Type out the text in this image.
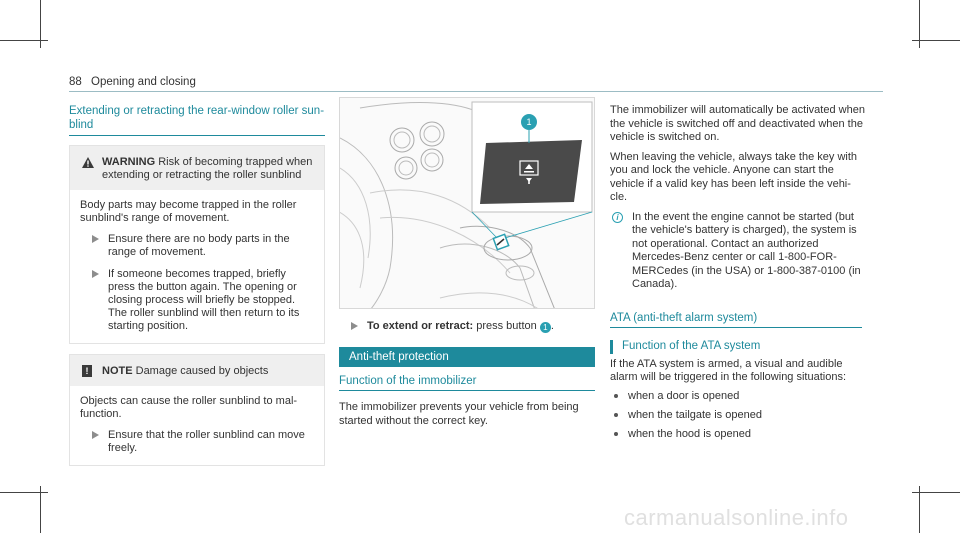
88 Opening and closing
Extending or retracting the rear-window roller sun-blind
WARNING Risk of becoming trapped when extending or retracting the roller sunblind

Body parts may become trapped in the roller sunblind's range of movement.

Ensure there are no body parts in the range of movement.
If someone becomes trapped, briefly press the button again. The opening or closing process will briefly be stopped. The roller sunblind will then return to its starting position.
!	NOTE Damage caused by objects

Objects can cause the roller sunblind to mal-function.

Ensure that the roller sunblind can move freely.
1
To extend or retract: press button 1 .
Anti-theft protection
Function of the immobilizer
The immobilizer prevents your vehicle from being started without the correct key.
The immobilizer will automatically be activated when the vehicle is switched off and deactivated when the vehicle is switched on.
When leaving the vehicle, always take the key with you and lock the vehicle. Anyone can start the vehicle if a valid key has been left inside the vehi-cle.
i	In the event the engine cannot be started (but the vehicle's battery is charged), the system is not operational. Contact an authorized Mercedes-Benz center or call 1-800-FOR-MERCedes (in the USA) or 1-800-387-0100 (in Canada).
ATA (anti-theft alarm system)
Function of the ATA system
If the ATA system is armed, a visual and audible alarm will be triggered in the following situations:
when a door is opened
when the tailgate is opened
when the hood is opened
carmanualsonline.info
